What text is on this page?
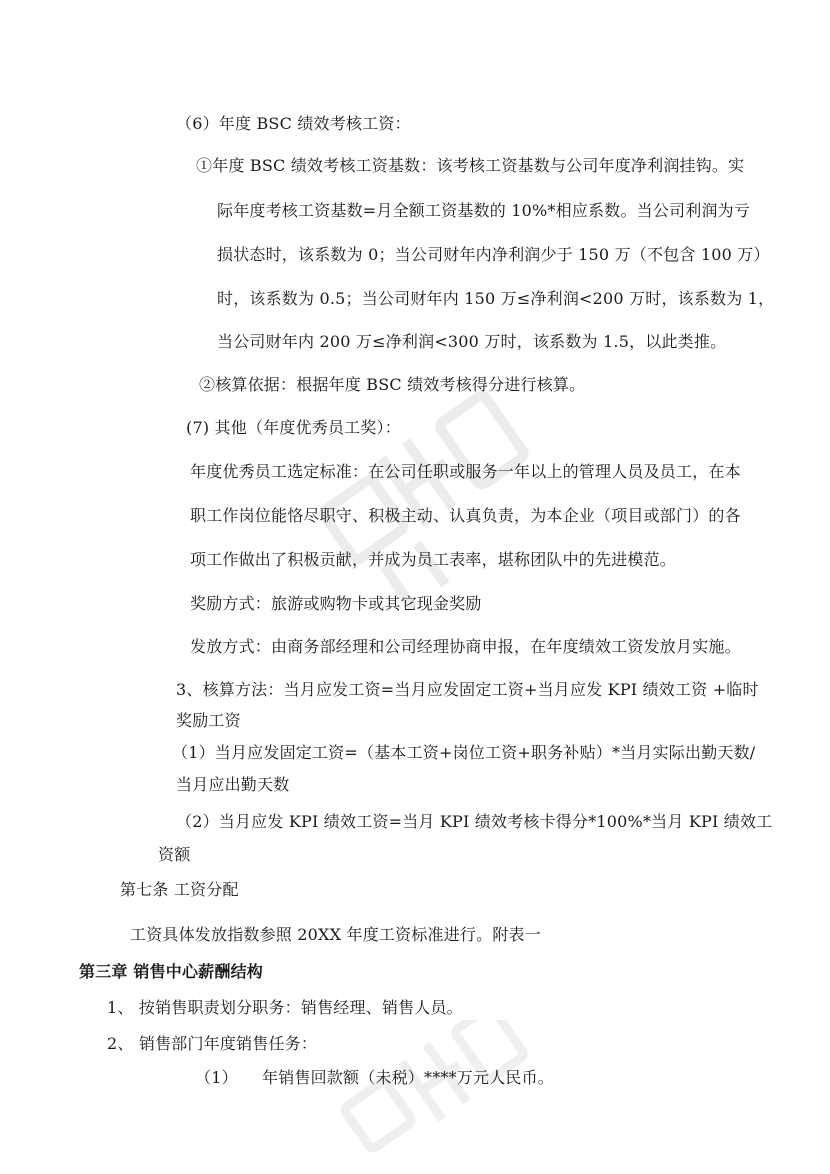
（6）年度 BSC 绩效考核工资：
①年度 BSC 绩效考核工资基数：该考核工资基数与公司年度净利润挂钩。实
际年度考核工资基数=月全额工资基数的 10%*相应系数。当公司利润为亏
损状态时，该系数为 0；当公司财年内净利润少于 150 万（不包含 100 万）
时，该系数为 0.5；当公司财年内 150 万≤净利润<200 万时，该系数为 1，
当公司财年内 200 万≤净利润<300 万时，该系数为 1.5，以此类推。
②核算依据：根据年度 BSC 绩效考核得分进行核算。
(7) 其他（年度优秀员工奖）：
年度优秀员工选定标准：在公司任职或服务一年以上的管理人员及员工，在本
职工作岗位能恪尽职守、积极主动、认真负责，为本企业（项目或部门）的各
项工作做出了积极贡献，并成为员工表率，堪称团队中的先进模范。
奖励方式：旅游或购物卡或其它现金奖励
发放方式：由商务部经理和公司经理协商申报，在年度绩效工资发放月实施。
3、核算方法：当月应发工资=当月应发固定工资+当月应发 KPI 绩效工资 +临时
奖励工资
（1）当月应发固定工资=（基本工资+岗位工资+职务补贴）*当月实际出勤天数/
当月应出勤天数
（2）当月应发 KPI 绩效工资=当月 KPI 绩效考核卡得分*100%*当月 KPI 绩效工
资额
第七条 工资分配
工资具体发放指数参照 20XX 年度工资标准进行。附表一
第三章 销售中心薪酬结构
1、 按销售职责划分职务：销售经理、销售人员。
2、 销售部门年度销售任务：
（1） 年销售回款额（未税）****万元人民币。
